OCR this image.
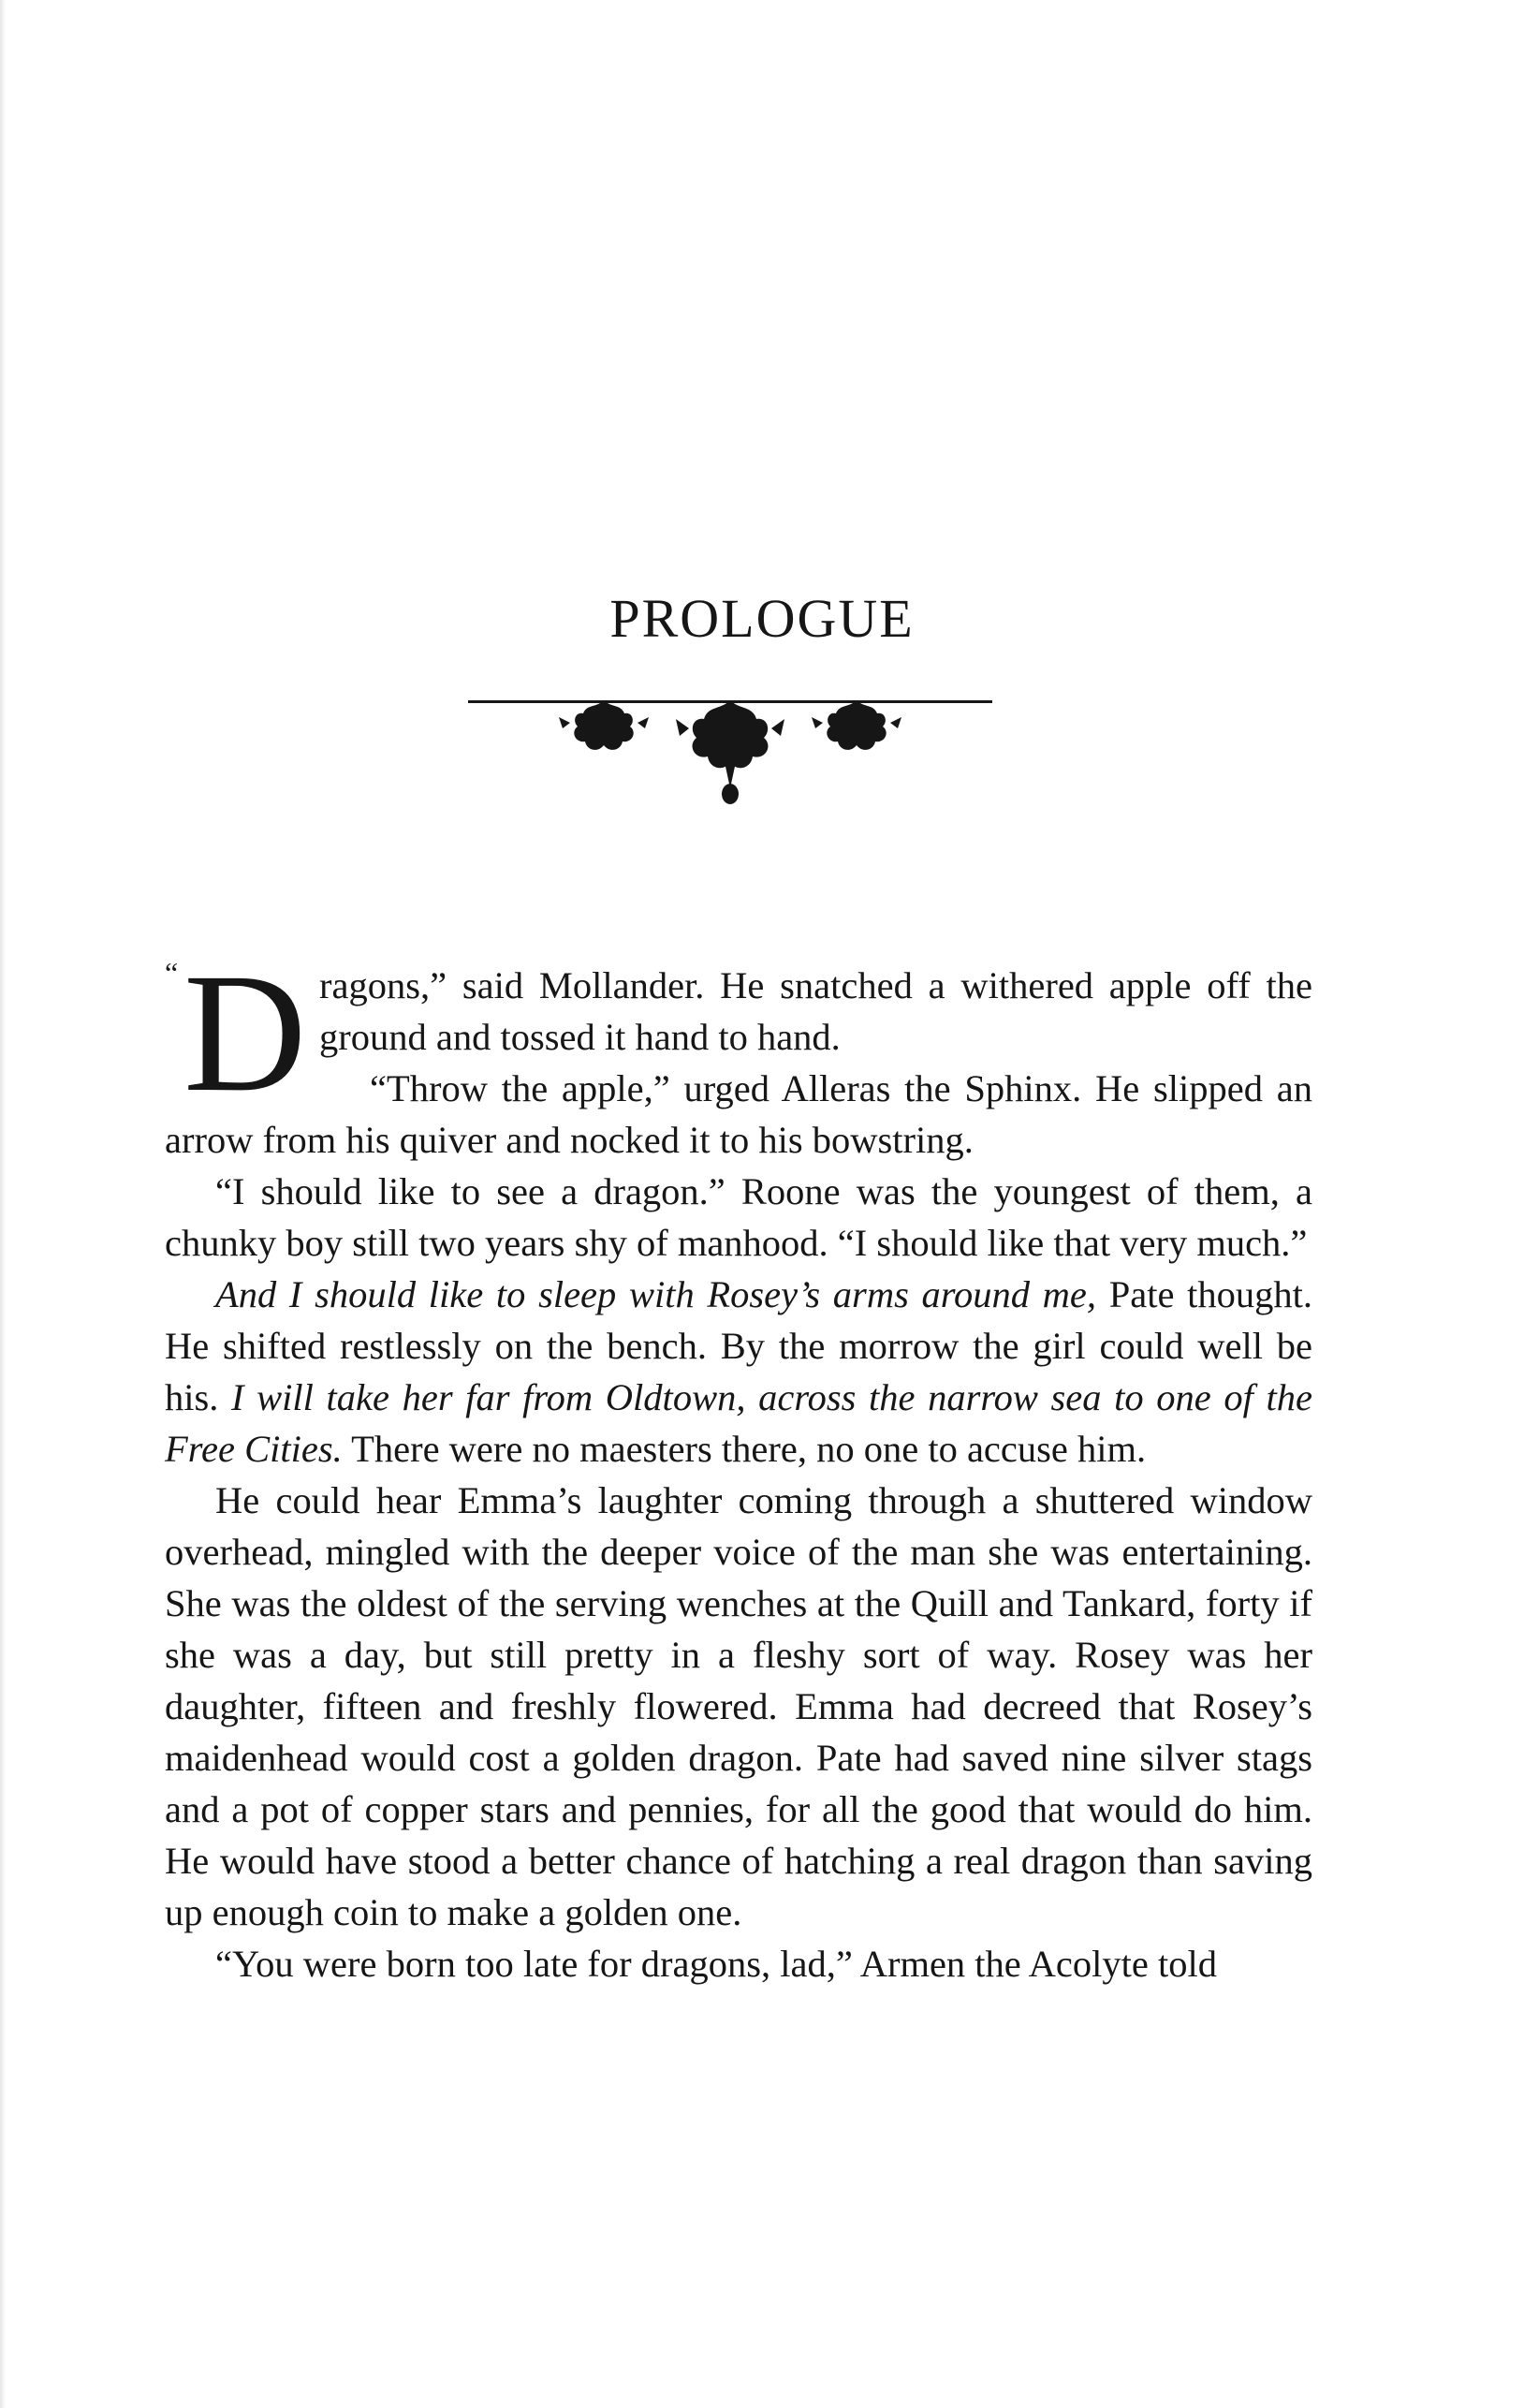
PROLOGUE

“ D ragons,” said Mollander. He snatched a withered apple off the ground and tossed it hand to hand.

“Throw the apple,” urged Alleras the Sphinx. He slipped an arrow from his quiver and nocked it to his bowstring.

“I should like to see a dragon.” Roone was the youngest of them, a chunky boy still two years shy of manhood. “I should like that very much.”

And I should like to sleep with Rosey’s arms around me, Pate thought. He shifted restlessly on the bench. By the morrow the girl could well be his. I will take her far from Oldtown, across the narrow sea to one of the Free Cities. There were no maesters there, no one to accuse him.

He could hear Emma’s laughter coming through a shuttered window overhead, mingled with the deeper voice of the man she was entertaining. She was the oldest of the serving wenches at the Quill and Tankard, forty if she was a day, but still pretty in a fleshy sort of way. Rosey was her daughter, fifteen and freshly flowered. Emma had decreed that Rosey’s maidenhead would cost a golden dragon. Pate had saved nine silver stags and a pot of copper stars and pennies, for all the good that would do him. He would have stood a better chance of hatching a real dragon than saving up enough coin to make a golden one.

“You were born too late for dragons, lad,” Armen the Acolyte told
